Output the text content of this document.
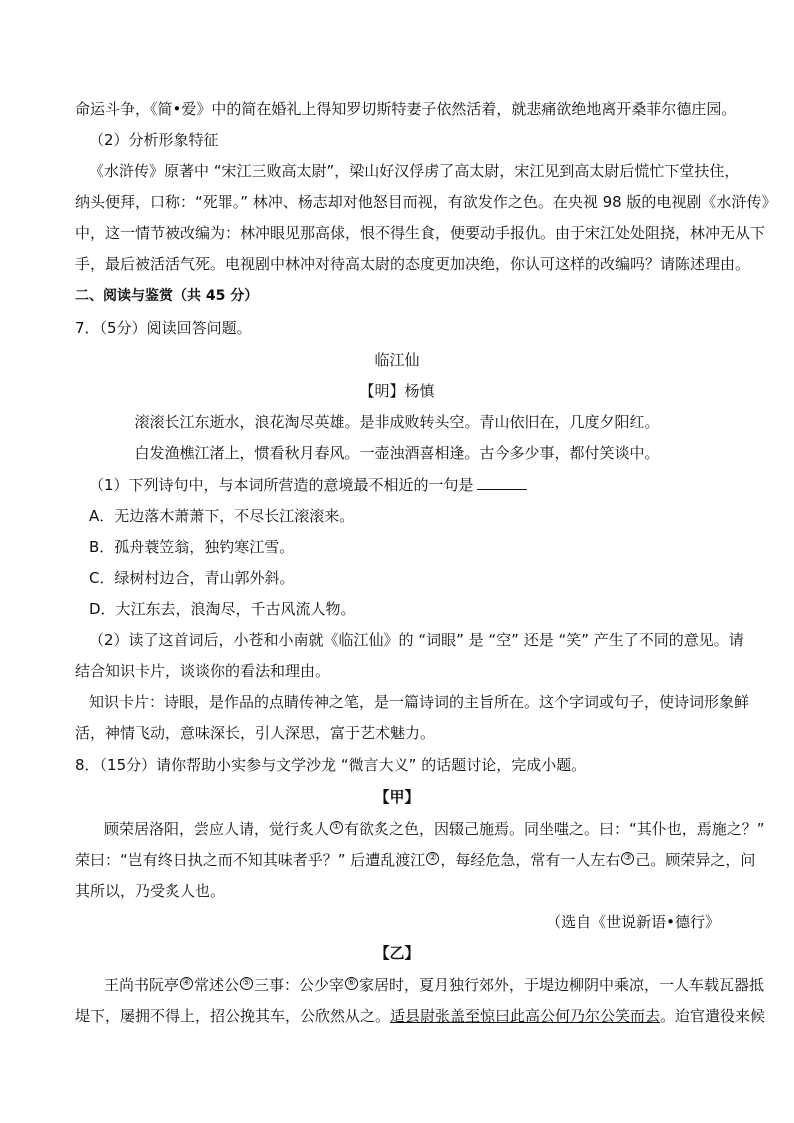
命运斗争，《简•爱》中的简在婚礼上得知罗切斯特妻子依然活着，就悲痛欲绝地离开桑菲尔德庄园。
（2）分析形象特征
《水浒传》原著中 “宋江三败高太尉”，梁山好汉俘虏了高太尉，宋江见到高太尉后慌忙下堂扶住，
纳头便拜，口称：“死罪。” 林冲、杨志却对他怒目而视，有欲发作之色。在央视 98 版的电视剧《水浒传》
中，这一情节被改编为：林冲眼见那高俅，恨不得生食，便要动手报仇。由于宋江处处阻挠，林冲无从下
手，最后被活活气死。电视剧中林冲对待高太尉的态度更加决绝，你认可这样的改编吗？请陈述理由。
二、阅读与鉴赏（共 45 分）
7．（5分）阅读回答问题。
临江仙
【明】杨慎
滚滚长江东逝水，浪花淘尽英雄。是非成败转头空。青山依旧在，几度夕阳红。
白发渔樵江渚上，惯看秋月春风。一壶浊酒喜相逢。古今多少事，都付笑谈中。
（1）下列诗句中，与本词所营造的意境最不相近的一句是
A．无边落木萧萧下，不尽长江滚滚来。
B．孤舟蓑笠翁，独钓寒江雪。
C．绿树村边合，青山郭外斜。
D．大江东去，浪淘尽，千古风流人物。
（2）读了这首词后，小苍和小南就《临江仙》的 “词眼” 是 “空” 还是 “笑” 产生了不同的意见。请
结合知识卡片，谈谈你的看法和理由。
知识卡片：诗眼，是作品的点睛传神之笔，是一篇诗词的主旨所在。这个字词或句子，使诗词形象鲜
活，神情飞动，意味深长，引人深思，富于艺术魅力。
8．（15分）请你帮助小实参与文学沙龙 “微言大义” 的话题讨论，完成小题。
【甲】
顾荣居洛阳，尝应人请，觉行炙人 ① 有欲炙之色，因辍己施焉。同坐嗤之。曰：“其仆也，焉施之？”
荣曰：“岂有终日执之而不知其味者乎？” 后遭乱渡江 ② ，每经危急，常有一人左右 ③ 己。顾荣异之，问
其所以，乃受炙人也。
（选自《世说新语•德行》
【乙】
王尚书阮亭 ④ 常述公 ⑤ 三事：公少宰 ⑥ 家居时，夏月独行郊外，于堤边柳阴中乘凉，一人车载瓦器抵
堤下，屡拥不得上，招公挽其车，公欣然从之。适县尉张盖至惊曰此高公何乃尔公笑而去。迨官遣役来候
